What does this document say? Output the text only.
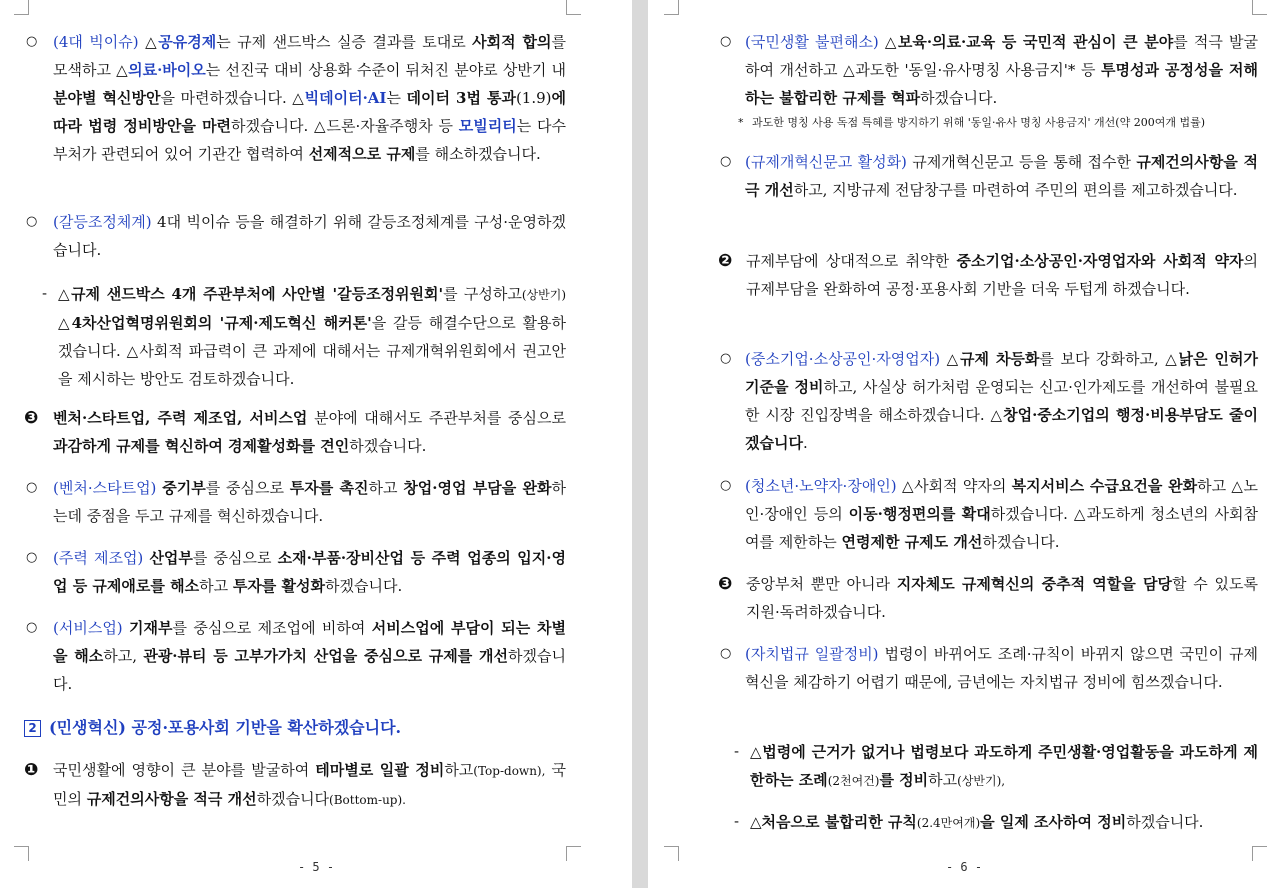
○ (4대 빅이슈) △공유경제는 규제 샌드박스 실증 결과를 토대로 사회적 합의를 모색하고 △의료·바이오는 선진국 대비 상용화 수준이 뒤처진 분야로 상반기 내 분야별 혁신방안을 마련하겠습니다. △빅데이터·AI는 데이터 3법 통과(1.9)에 따라 법령 정비방안을 마련하겠습니다. △드론·자율주행차 등 모빌리티는 다수부처가 관련되어 있어 기관간 협력하여 선제적으로 규제를 해소하겠습니다.
○ (갈등조정체계) 4대 빅이슈 등을 해결하기 위해 갈등조정체계를 구성·운영하겠습니다.
- △규제 샌드박스 4개 주관부처에 사안별 '갈등조정위원회'를 구성하고(상반기) △4차산업혁명위원회의 '규제·제도혁신 해커톤'을 갈등 해결수단으로 활용하겠습니다. △사회적 파급력이 큰 과제에 대해서는 규제개혁위원회에서 권고안을 제시하는 방안도 검토하겠습니다.
❸ 벤처·스타트업, 주력 제조업, 서비스업 분야에 대해서도 주관부처를 중심으로 과감하게 규제를 혁신하여 경제활성화를 견인하겠습니다.
○ (벤처·스타트업) 중기부를 중심으로 투자를 촉진하고 창업·영업 부담을 완화하는데 중점을 두고 규제를 혁신하겠습니다.
○ (주력 제조업) 산업부를 중심으로 소재·부품·장비산업 등 주력 업종의 입지·영업 등 규제애로를 해소하고 투자를 활성화하겠습니다.
○ (서비스업) 기재부를 중심으로 제조업에 비하여 서비스업에 부담이 되는 차별을 해소하고, 관광·뷰티 등 고부가가치 산업을 중심으로 규제를 개선하겠습니다.
2 (민생혁신) 공정·포용사회 기반을 확산하겠습니다.
❶ 국민생활에 영향이 큰 분야를 발굴하여 테마별로 일괄 정비하고(Top-down), 국민의 규제건의사항을 적극 개선하겠습니다(Bottom-up).
- 5 -
○ (국민생활 불편해소) △보육·의료·교육 등 국민적 관심이 큰 분야를 적극 발굴하여 개선하고 △과도한 '동일·유사명칭 사용금지'* 등 투명성과 공정성을 저해하는 불합리한 규제를 혁파하겠습니다.
* 과도한 명칭 사용 독점 특혜를 방지하기 위해 '동일·유사 명칭 사용금지' 개선(약 200여개 법률)
○ (규제개혁신문고 활성화) 규제개혁신문고 등을 통해 접수한 규제건의사항을 적극 개선하고, 지방규제 전담창구를 마련하여 주민의 편의를 제고하겠습니다.
❷ 규제부담에 상대적으로 취약한 중소기업·소상공인·자영업자와 사회적 약자의 규제부담을 완화하여 공정·포용사회 기반을 더욱 두텁게 하겠습니다.
○ (중소기업·소상공인·자영업자) △규제 차등화를 보다 강화하고, △낡은 인허가 기준을 정비하고, 사실상 허가처럼 운영되는 신고·인가제도를 개선하여 불필요한 시장 진입장벽을 해소하겠습니다. △창업·중소기업의 행정·비용부담도 줄이겠습니다.
○ (청소년·노약자·장애인) △사회적 약자의 복지서비스 수급요건을 완화하고 △노인·장애인 등의 이동·행정편의를 확대하겠습니다. △과도하게 청소년의 사회참여를 제한하는 연령제한 규제도 개선하겠습니다.
❸ 중앙부처 뿐만 아니라 지자체도 규제혁신의 중추적 역할을 담당할 수 있도록 지원·독려하겠습니다.
○ (자치법규 일괄정비) 법령이 바뀌어도 조례·규칙이 바뀌지 않으면 국민이 규제혁신을 체감하기 어렵기 때문에, 금년에는 자치법규 정비에 힘쓰겠습니다.
- △법령에 근거가 없거나 법령보다 과도하게 주민생활·영업활동을 과도하게 제한하는 조례(2천여건)를 정비하고(상반기),
- △처음으로 불합리한 규칙(2.4만여개)을 일제 조사하여 정비하겠습니다.
- 6 -
